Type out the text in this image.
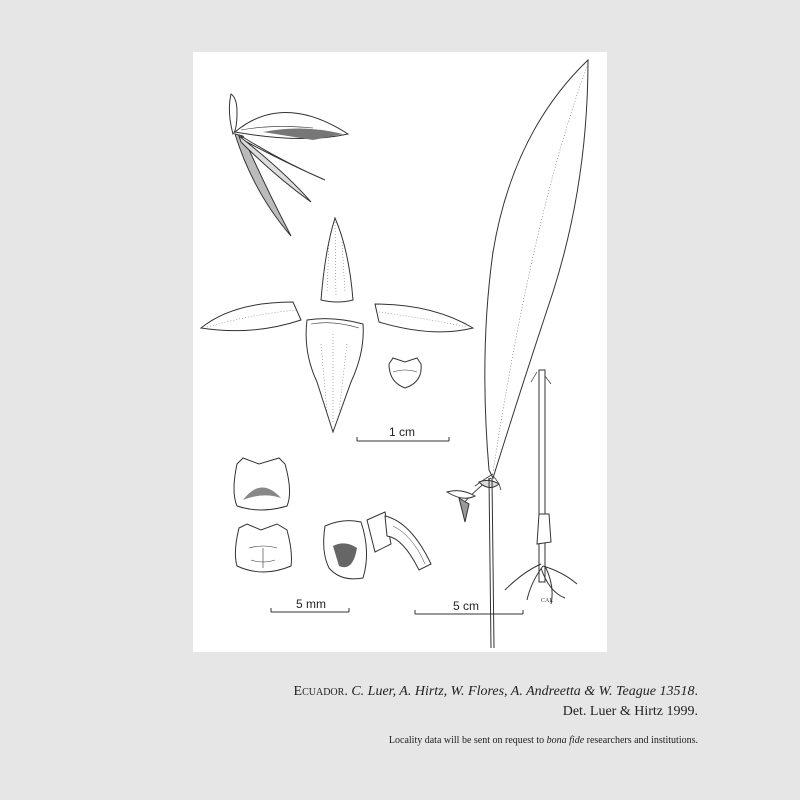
CAL
1 cm
5 mm	5 cm
Ecuador. C. Luer, A. Hirtz, W. Flores, A. Andreetta & W. Teague 13518.
Det. Luer & Hirtz 1999.
Locality data will be sent on request to bona fide researchers and institutions.
